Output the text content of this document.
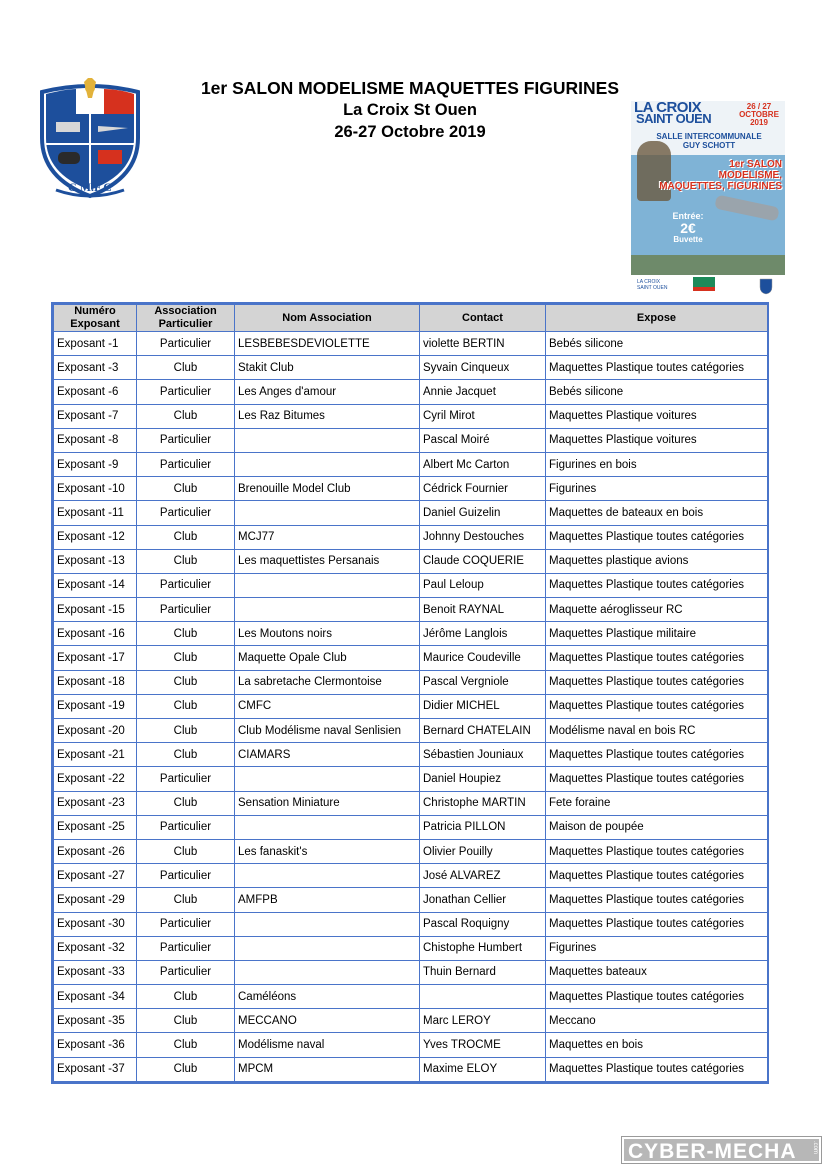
C.M.F.C
1er SALON MODELISME MAQUETTES FIGURINES
La Croix St Ouen
26-27 Octobre 2019
LA CROIX
SAINT OUEN
26 / 27
OCTOBRE
2019
SALLE INTERCOMMUNALE
GUY SCHOTT
1er SALON
MODELISME,
MAQUETTES, FIGURINES
Entrée:
2€
Buvette
LA CROIX SAINT OUEN
Numéro Exposant	Association Particulier	Nom Association	Contact	Expose
Exposant -1	Particulier	LESBEBESDEVIOLETTE	violette BERTIN	Bebés silicone
Exposant -3	Club	Stakit Club	Syvain Cinqueux	Maquettes Plastique toutes catégories
Exposant -6	Particulier	Les Anges d'amour	Annie Jacquet	Bebés silicone
Exposant -7	Club	Les Raz Bitumes	Cyril Mirot	Maquettes Plastique voitures
Exposant -8	Particulier		Pascal Moiré	Maquettes Plastique voitures
Exposant -9	Particulier		Albert Mc Carton	Figurines en bois
Exposant -10	Club	Brenouille Model Club	Cédrick Fournier	Figurines
Exposant -11	Particulier		Daniel Guizelin	Maquettes de bateaux en bois
Exposant -12	Club	MCJ77	Johnny Destouches	Maquettes Plastique toutes catégories
Exposant -13	Club	Les maquettistes Persanais	Claude COQUERIE	Maquettes plastique avions
Exposant -14	Particulier		Paul Leloup	Maquettes Plastique toutes catégories
Exposant -15	Particulier		Benoit RAYNAL	Maquette aéroglisseur RC
Exposant -16	Club	Les Moutons noirs	Jérôme Langlois	Maquettes Plastique militaire
Exposant -17	Club	Maquette Opale Club	Maurice Coudeville	Maquettes Plastique toutes catégories
Exposant -18	Club	La sabretache Clermontoise	Pascal Vergniole	Maquettes Plastique toutes catégories
Exposant -19	Club	CMFC	Didier MICHEL	Maquettes Plastique toutes catégories
Exposant -20	Club	Club Modélisme naval Senlisien	Bernard CHATELAIN	Modélisme naval en bois RC
Exposant -21	Club	CIAMARS	Sébastien Jouniaux	Maquettes Plastique toutes catégories
Exposant -22	Particulier		Daniel Houpiez	Maquettes Plastique toutes catégories
Exposant -23	Club	Sensation Miniature	Christophe MARTIN	Fete foraine
Exposant -25	Particulier		Patricia PILLON	Maison de poupée
Exposant -26	Club	Les fanaskit's	Olivier Pouilly	Maquettes Plastique toutes catégories
Exposant -27	Particulier		José ALVAREZ	Maquettes Plastique toutes catégories
Exposant -29	Club	AMFPB	Jonathan Cellier	Maquettes Plastique toutes catégories
Exposant -30	Particulier		Pascal Roquigny	Maquettes Plastique toutes catégories
Exposant -32	Particulier		Chistophe Humbert	Figurines
Exposant -33	Particulier		Thuin Bernard	Maquettes bateaux
Exposant -34	Club	Caméléons		Maquettes Plastique toutes catégories
Exposant -35	Club	MECCANO	Marc LEROY	Meccano
Exposant -36	Club	Modélisme naval	Yves TROCME	Maquettes en bois
Exposant -37	Club	MPCM	Maxime ELOY	Maquettes Plastique toutes catégories
CYBER-MECHA	.com
